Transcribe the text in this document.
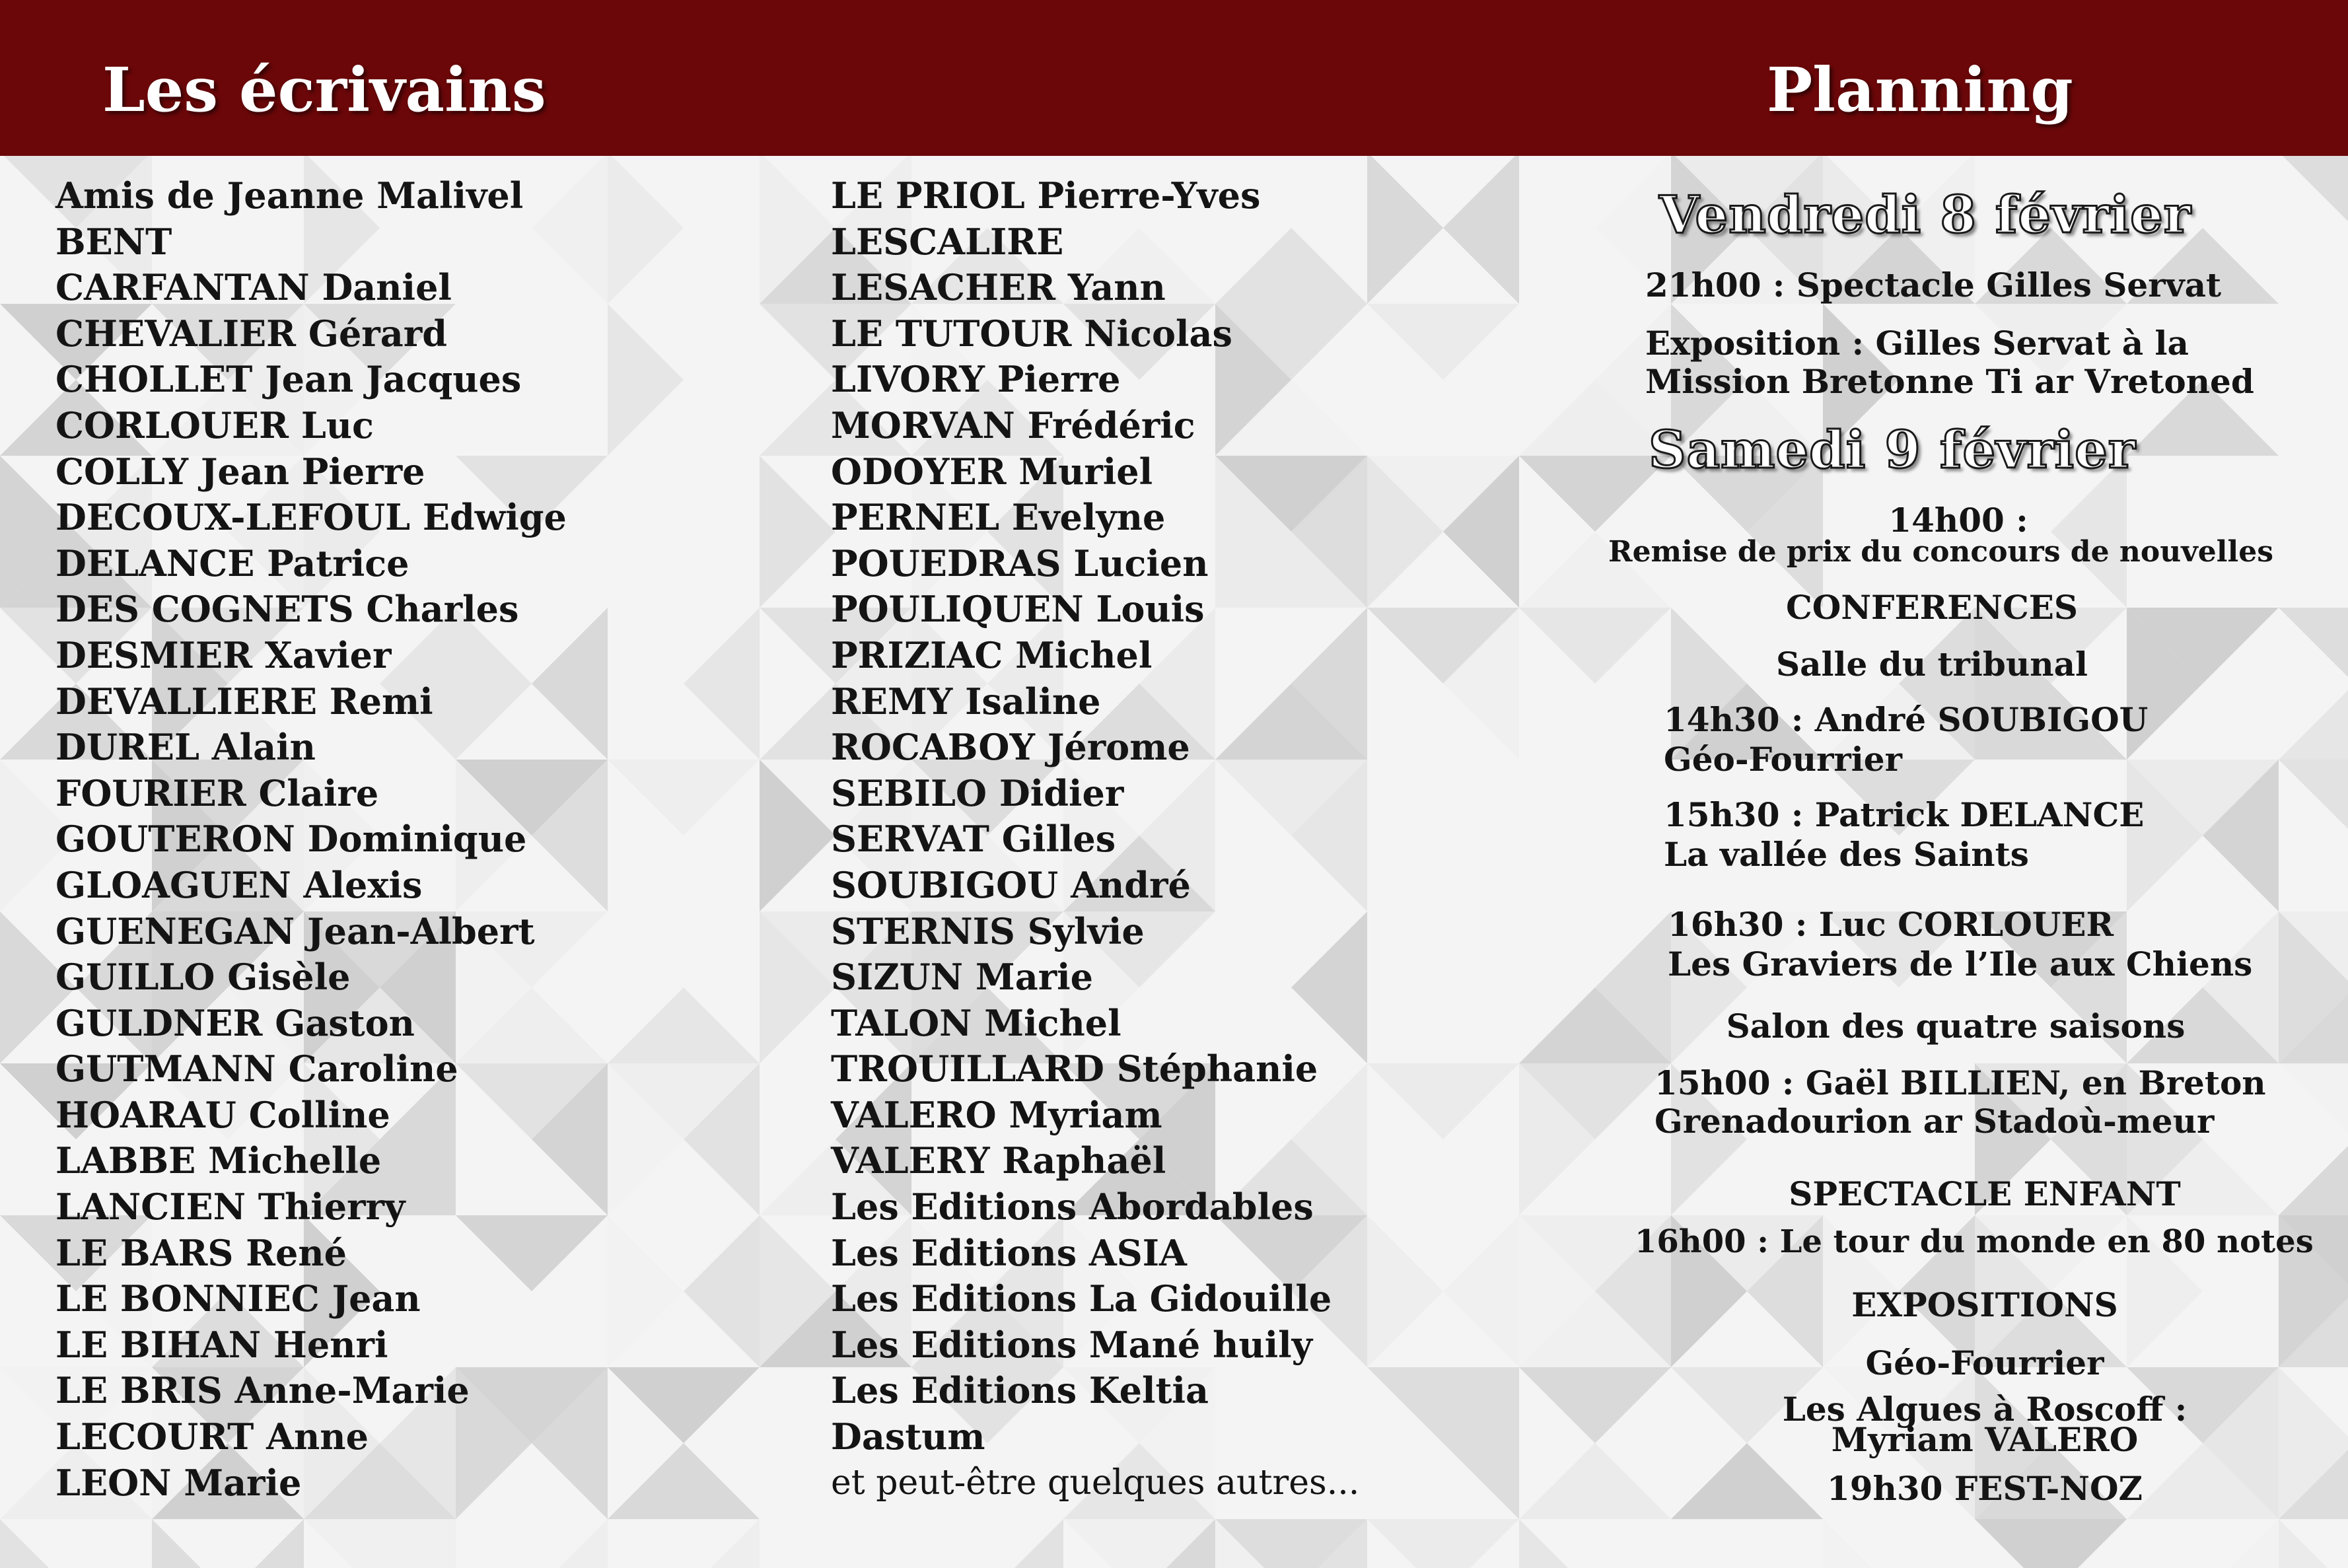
Les écrivains	Planning
Amis de Jeanne Malivel
BENT
CARFANTAN Daniel
CHEVALIER Gérard
CHOLLET Jean Jacques
CORLOUER Luc
COLLY Jean Pierre
DECOUX-LEFOUL Edwige
DELANCE Patrice
DES COGNETS Charles
DESMIER Xavier
DEVALLIERE Remi
DUREL Alain
FOURIER Claire
GOUTERON Dominique
GLOAGUEN Alexis
GUENEGAN Jean-Albert
GUILLO Gisèle
GULDNER Gaston
GUTMANN Caroline
HOARAU Colline
LABBE Michelle
LANCIEN Thierry
LE BARS René
LE BONNIEC Jean
LE BIHAN Henri
LE BRIS Anne-Marie
LECOURT Anne
LEON Marie
LE PRIOL Pierre-Yves
LESCALIRE
LESACHER Yann
LE TUTOUR Nicolas
LIVORY Pierre
MORVAN Frédéric
ODOYER Muriel
PERNEL Evelyne
POUEDRAS Lucien
POULIQUEN Louis
PRIZIAC Michel
REMY Isaline
ROCABOY Jérome
SEBILO Didier
SERVAT Gilles
SOUBIGOU André
STERNIS Sylvie
SIZUN Marie
TALON Michel
TROUILLARD Stéphanie
VALERO Myriam
VALERY Raphaël
Les Editions Abordables
Les Editions ASIA
Les Editions La Gidouille
Les Editions Mané huily
Les Editions Keltia
Dastum
et peut-être quelques autres...
Vendredi 8 février
21h00 : Spectacle Gilles Servat
Exposition : Gilles Servat à la
Mission Bretonne Ti ar Vretoned
Samedi 9 février
14h00 :
Remise de prix du concours de nouvelles
CONFERENCES
Salle du tribunal
14h30 : André SOUBIGOU
Géo-Fourrier
15h30 : Patrick DELANCE
La vallée des Saints
16h30 : Luc CORLOUER
Les Graviers de l’Ile aux Chiens
Salon des quatre saisons
15h00 : Gaël BILLIEN, en Breton
Grenadourion ar Stadoù-meur
SPECTACLE ENFANT
16h00 : Le tour du monde en 80 notes
EXPOSITIONS
Géo-Fourrier
Les Algues à Roscoff :
Myriam VALERO
19h30 FEST-NOZ
